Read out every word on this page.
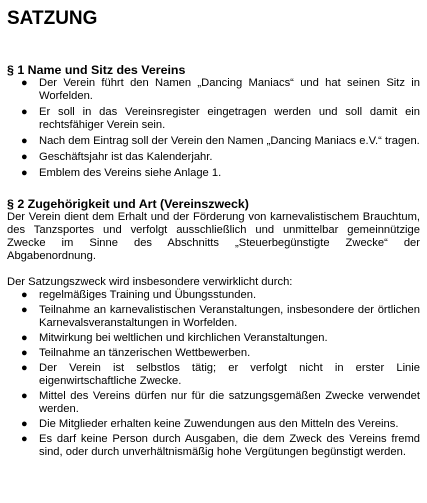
SATZUNG
§ 1 Name und Sitz des Vereins
● Der Verein führt den Namen „Dancing Maniacs“ und hat seinen Sitz in Worfelden.
● Er soll in das Vereinsregister eingetragen werden und soll damit ein rechtsfähiger Verein sein.
● Nach dem Eintrag soll der Verein den Namen „Dancing Maniacs e.V.“ tragen.
● Geschäftsjahr ist das Kalenderjahr.
● Emblem des Vereins siehe Anlage 1.
§ 2 Zugehörigkeit und Art (Vereinszweck)

Der Verein dient dem Erhalt und der Förderung von karnevalistischem Brauchtum, des Tanzsportes und verfolgt ausschließlich und unmittelbar gemeinnützige Zwecke im Sinne des Abschnitts „Steuerbegünstigte Zwecke“ der Abgabenordnung.

Der Satzungszweck wird insbesondere verwirklicht durch:

● regelmäßiges Training und Übungsstunden.
● Teilnahme an karnevalistischen Veranstaltungen, insbesondere der örtlichen Karnevalsveranstaltungen in Worfelden.
● Mitwirkung bei weltlichen und kirchlichen Veranstaltungen.
● Teilnahme an tänzerischen Wettbewerben.
● Der Verein ist selbstlos tätig; er verfolgt nicht in erster Linie eigenwirtschaftliche Zwecke.
● Mittel des Vereins dürfen nur für die satzungsgemäßen Zwecke verwendet werden.
● Die Mitglieder erhalten keine Zuwendungen aus den Mitteln des Vereins.
● Es darf keine Person durch Ausgaben, die dem Zweck des Vereins fremd sind, oder durch unverhältnismäßig hohe Vergütungen begünstigt werden.
